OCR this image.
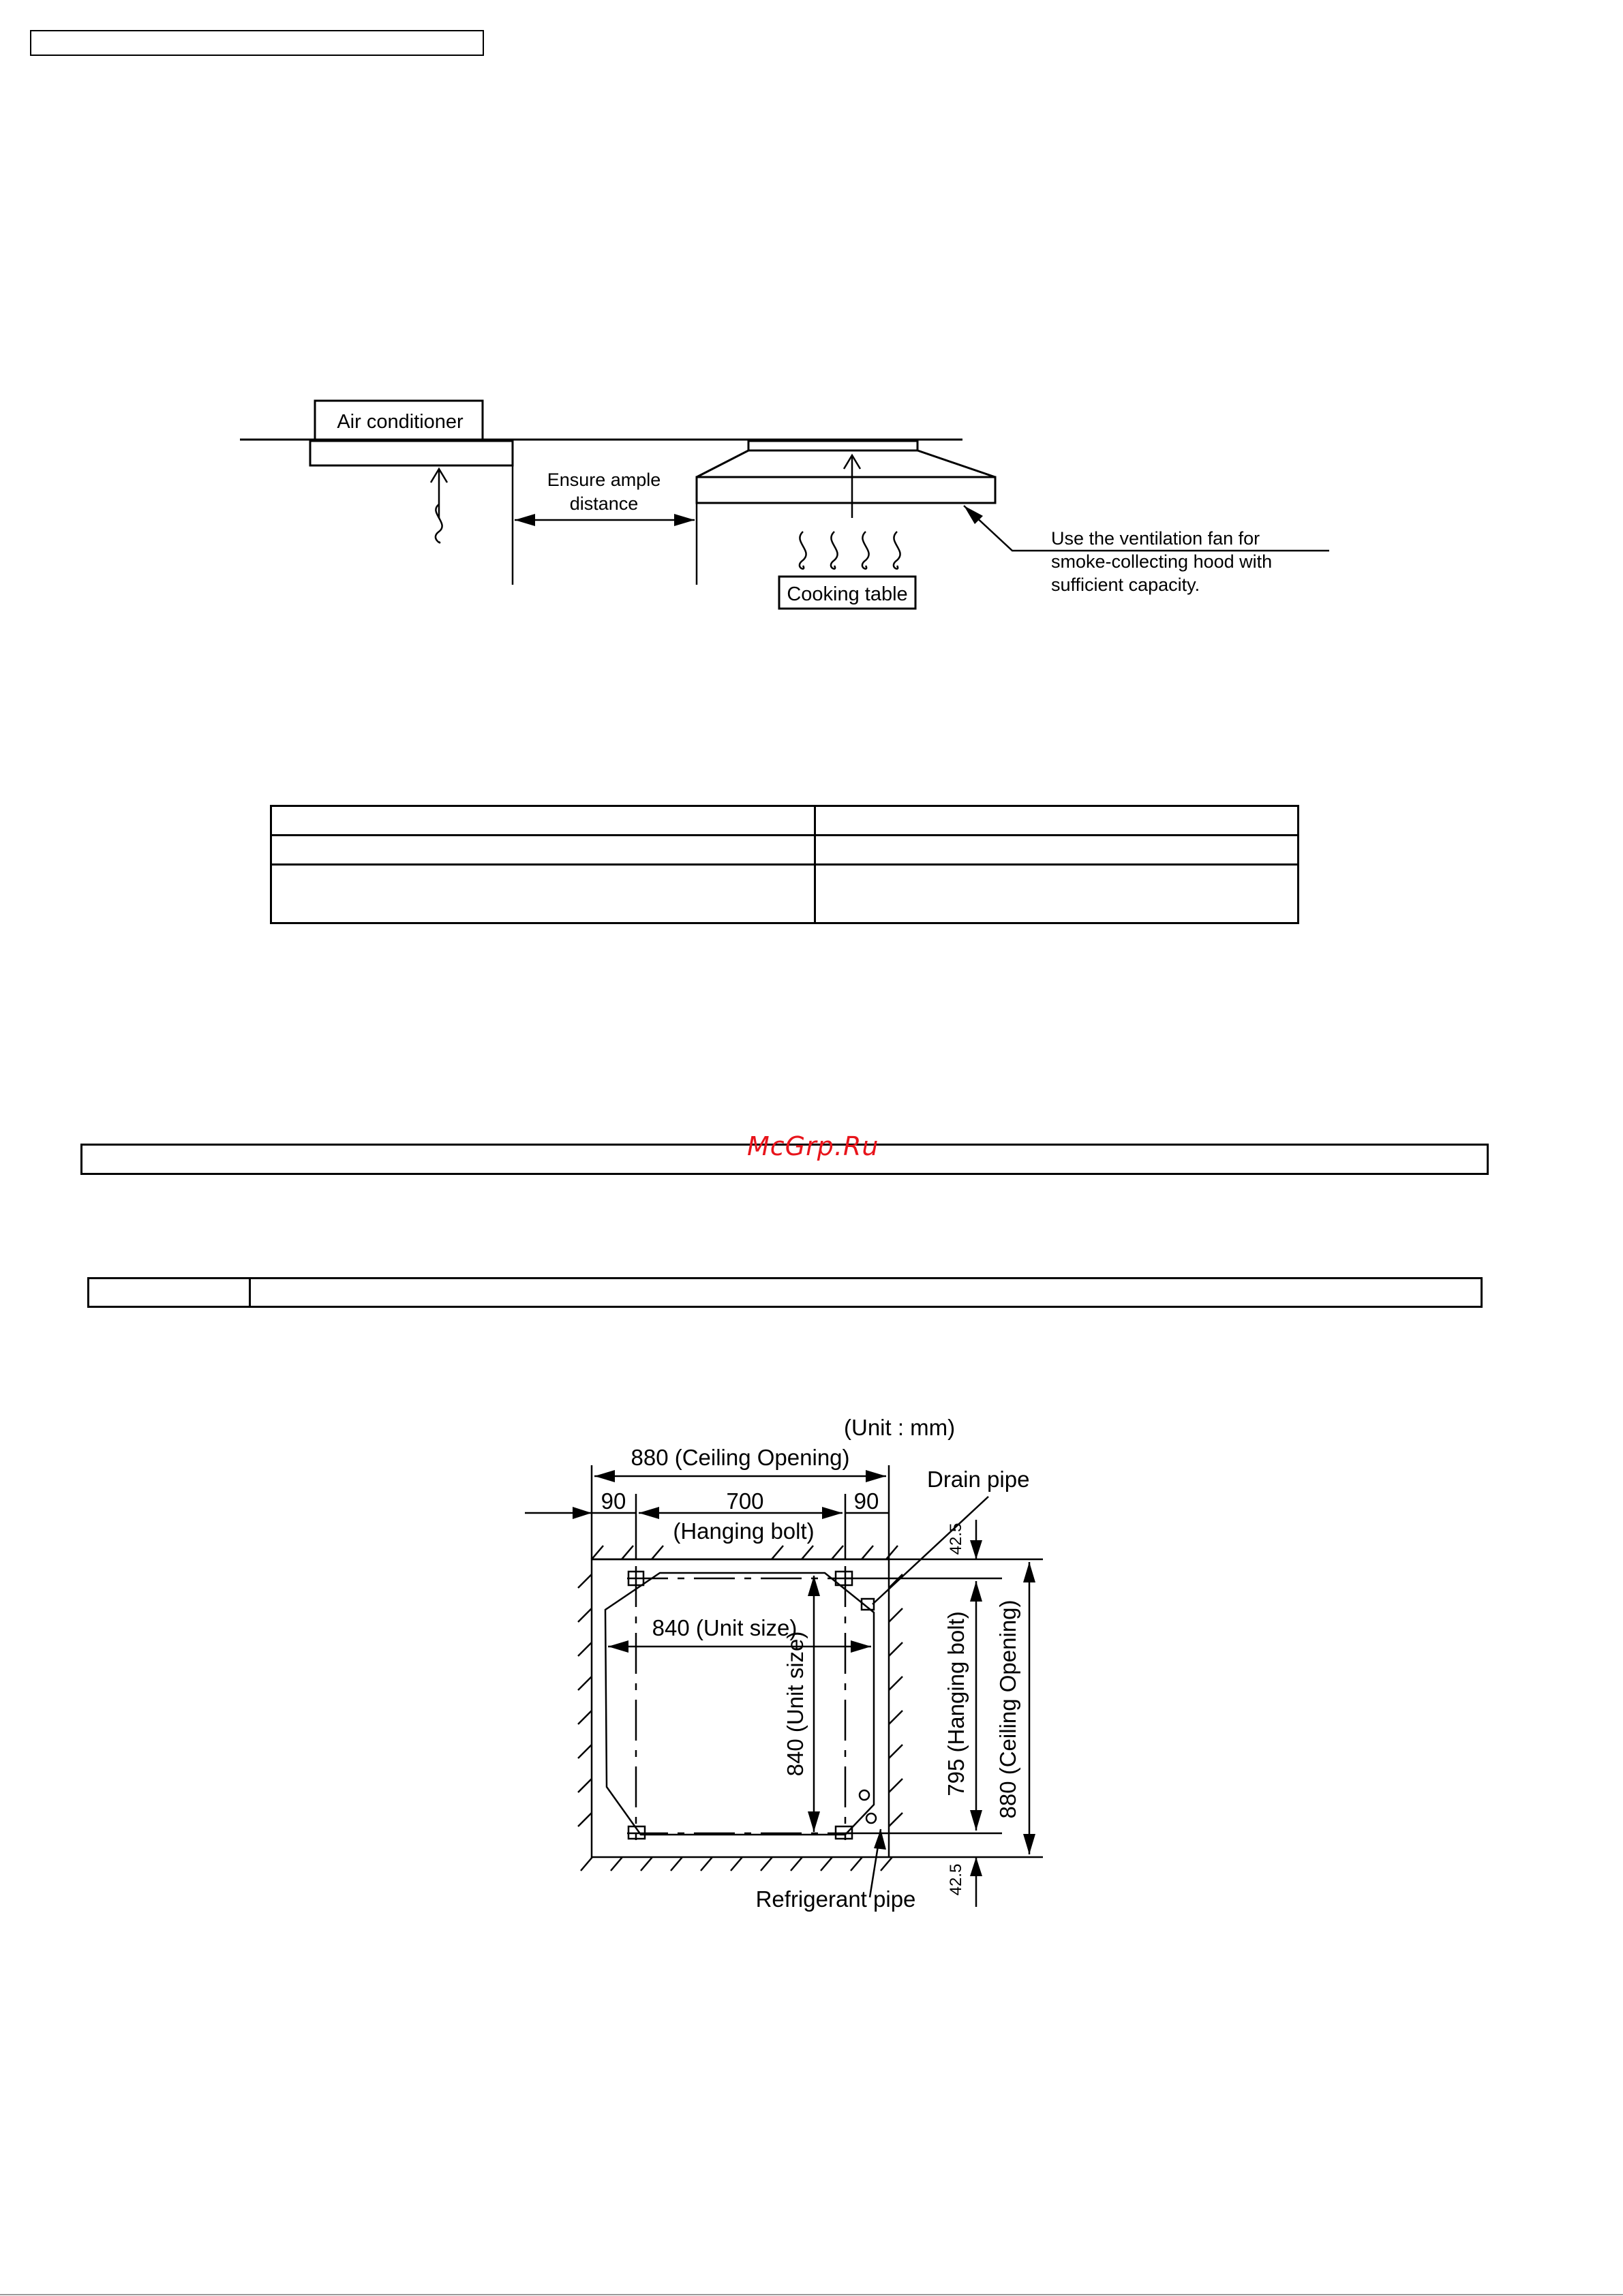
Air conditioner
Ensure ample
distance
Cooking table
Use the ventilation fan for
smoke-collecting hood with
sufficient capacity.

McGrp.Ru

(Unit : mm)
880 (Ceiling Opening)
90	700	90
(Hanging bolt)
Drain pipe
840 (Unit size)
840 (Unit size)	795 (Hanging bolt) 880 (Ceiling Opening)
42.5
42.5
Refrigerant pipe
